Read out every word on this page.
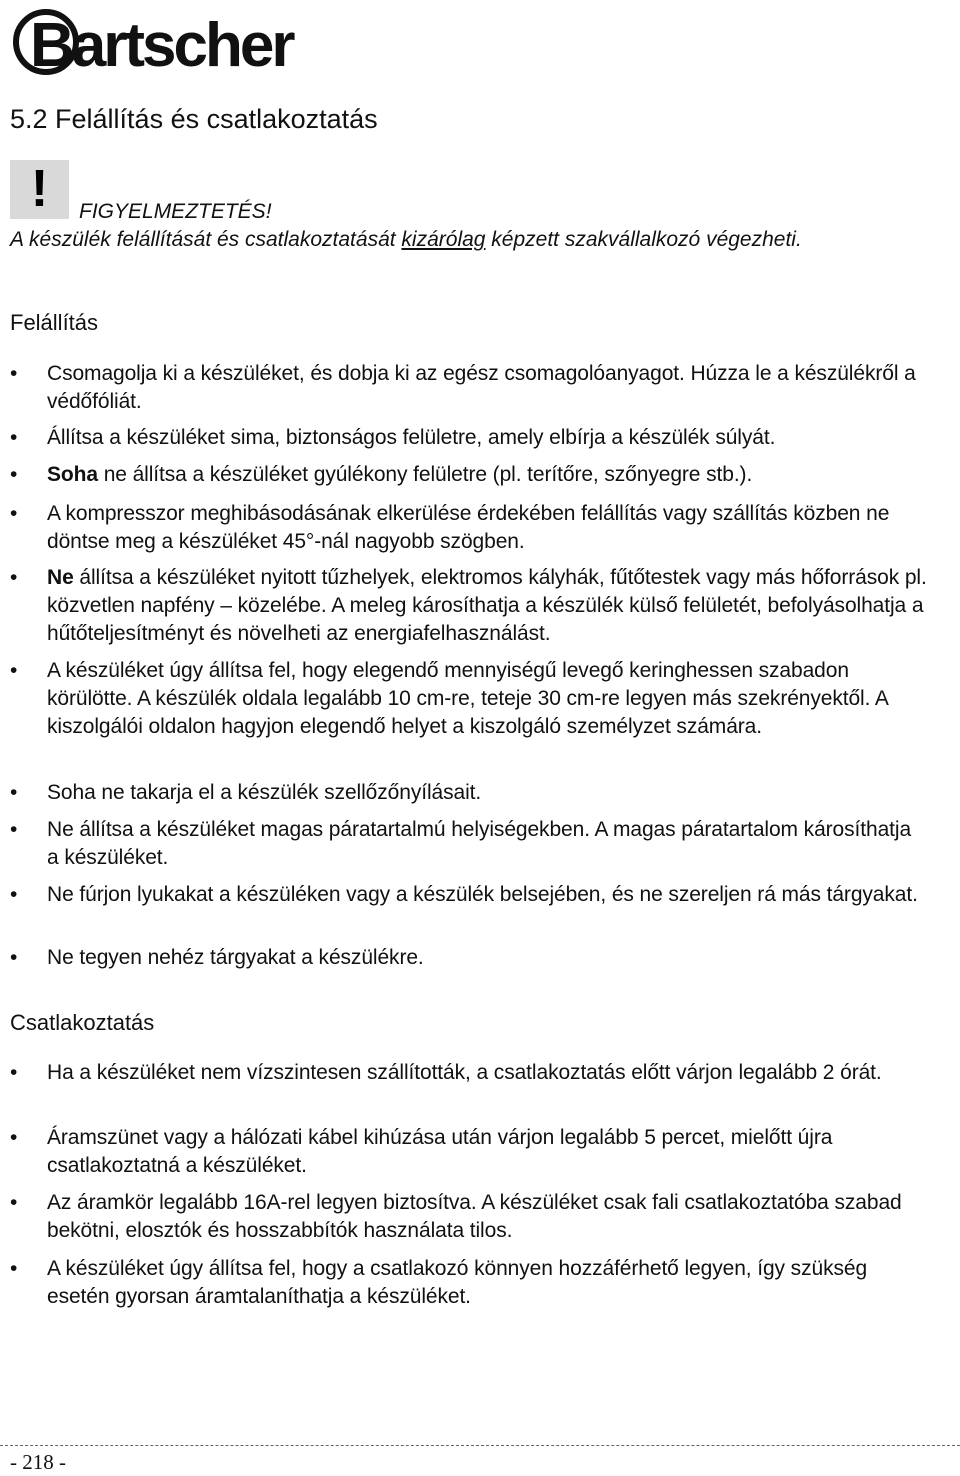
Bartscher
5.2 Felállítás és csatlakoztatás
!	FIGYELMEZTETÉS!
A készülék felállítását és csatlakoztatását kizárólag képzett szakvállalkozó végezheti.
Felállítás
• Csomagolja ki a készüléket, és dobja ki az egész csomagolóanyagot. Húzza le a készülékről a védőfóliát.
• Állítsa a készüléket sima, biztonságos felületre, amely elbírja a készülék súlyát.
• Soha ne állítsa a készüléket gyúlékony felületre (pl. terítőre, szőnyegre stb.).
• A kompresszor meghibásodásának elkerülése érdekében felállítás vagy szállítás közben ne döntse meg a készüléket 45°-nál nagyobb szögben.
• Ne állítsa a készüléket nyitott tűzhelyek, elektromos kályhák, fűtőtestek vagy más hőforrások pl. közvetlen napfény – közelébe. A meleg károsíthatja a készülék külső felületét, befolyásolhatja a hűtőteljesítményt és növelheti az energiafelhasználást.
• A készüléket úgy állítsa fel, hogy elegendő mennyiségű levegő keringhessen szabadon körülötte. A készülék oldala legalább 10 cm-re, teteje 30 cm-re legyen más szekrényektől. A kiszolgálói oldalon hagyjon elegendő helyet a kiszolgáló személyzet számára.
• Soha ne takarja el a készülék szellőzőnyílásait.
• Ne állítsa a készüléket magas páratartalmú helyiségekben. A magas páratartalom károsíthatja a készüléket.
• Ne fúrjon lyukakat a készüléken vagy a készülék belsejében, és ne szereljen rá más tárgyakat.
• Ne tegyen nehéz tárgyakat a készülékre.
Csatlakoztatás
• Ha a készüléket nem vízszintesen szállították, a csatlakoztatás előtt várjon legalább 2 órát.
• Áramszünet vagy a hálózati kábel kihúzása után várjon legalább 5 percet, mielőtt újra csatlakoztatná a készüléket.
• Az áramkör legalább 16A-rel legyen biztosítva. A készüléket csak fali csatlakoztatóba szabad bekötni, elosztók és hosszabbítók használata tilos.
• A készüléket úgy állítsa fel, hogy a csatlakozó könnyen hozzáférhető legyen, így szükség esetén gyorsan áramtalaníthatja a készüléket.
- 218 -
